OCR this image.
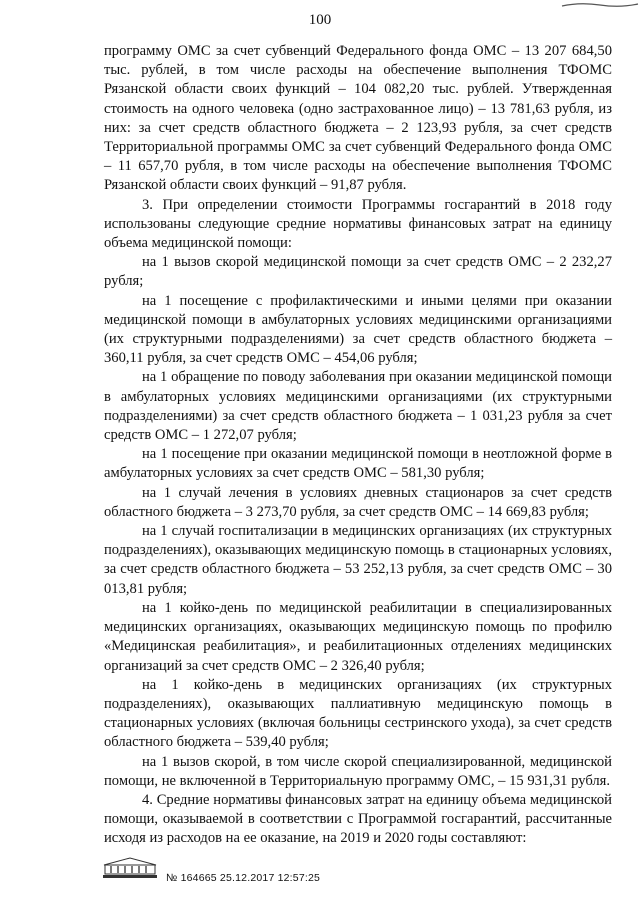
100

программу ОМС за счет субвенций Федерального фонда ОМС – 13 207 684,50 тыс. рублей, в том числе расходы на обеспечение выполнения ТФОМС Рязанской области своих функций – 104 082,20 тыс. рублей. Утвержденная стоимость на одного человека (одно застрахованное лицо) – 13 781,63 рубля, из них: за счет средств областного бюджета – 2 123,93 рубля, за счет средств Территориальной программы ОМС за счет субвенций Федерального фонда ОМС – 11 657,70 рубля, в том числе расходы на обеспечение выполнения ТФОМС Рязанской области своих функций – 91,87 рубля.

3. При определении стоимости Программы госгарантий в 2018 году использованы следующие средние нормативы финансовых затрат на единицу объема медицинской помощи:

на 1 вызов скорой медицинской помощи за счет средств ОМС – 2 232,27 рубля;

на 1 посещение с профилактическими и иными целями при оказании медицинской помощи в амбулаторных условиях медицинскими организациями (их структурными подразделениями) за счет средств областного бюджета – 360,11 рубля, за счет средств ОМС – 454,06 рубля;

на 1 обращение по поводу заболевания при оказании медицинской помощи в амбулаторных условиях медицинскими организациями (их структурными подразделениями) за счет средств областного бюджета – 1 031,23 рубля за счет средств ОМС – 1 272,07 рубля;

на 1 посещение при оказании медицинской помощи в неотложной форме в амбулаторных условиях за счет средств ОМС – 581,30 рубля;

на 1 случай лечения в условиях дневных стационаров за счет средств областного бюджета – 3 273,70 рубля, за счет средств ОМС – 14 669,83 рубля;

на 1 случай госпитализации в медицинских организациях (их структурных подразделениях), оказывающих медицинскую помощь в стационарных условиях, за счет средств областного бюджета – 53 252,13 рубля, за счет средств ОМС – 30 013,81 рубля;

на 1 койко-день по медицинской реабилитации в специализированных медицинских организациях, оказывающих медицинскую помощь по профилю «Медицинская реабилитация», и реабилитационных отделениях медицинских организаций за счет средств ОМС – 2 326,40 рубля;

на 1 койко-день в медицинских организациях (их структурных подразделениях), оказывающих паллиативную медицинскую помощь в стационарных условиях (включая больницы сестринского ухода), за счет средств областного бюджета – 539,40 рубля;

на 1 вызов скорой, в том числе скорой специализированной, медицинской помощи, не включенной в Территориальную программу ОМС, – 15 931,31 рубля.

4. Средние нормативы финансовых затрат на единицу объема медицинской помощи, оказываемой в соответствии с Программой госгарантий, рассчитанные исходя из расходов на ее оказание, на 2019 и 2020 годы составляют:

№ 164665 25.12.2017 12:57:25
